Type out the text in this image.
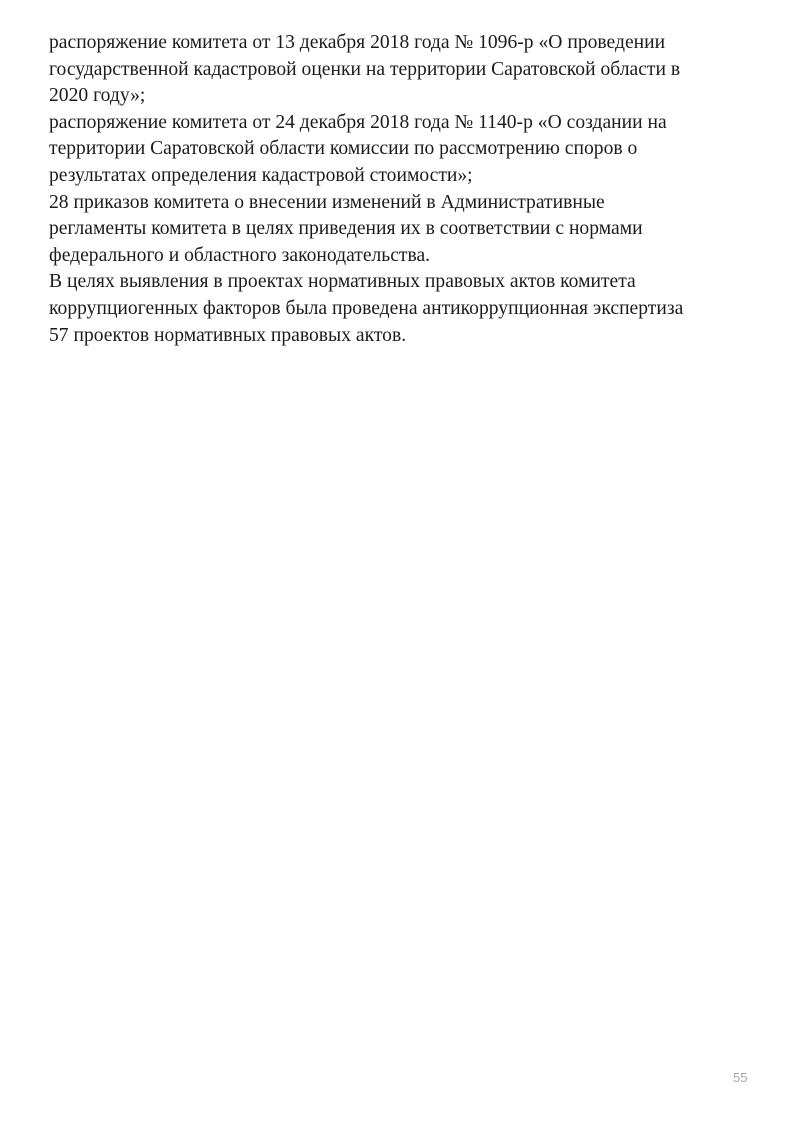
распоряжение комитета от 13 декабря 2018 года № 1096-р «О проведении

государственной кадастровой оценки на территории Саратовской области в

2020 году»;

распоряжение комитета от 24 декабря 2018 года № 1140-р «О создании на

территории Саратовской области комиссии по рассмотрению споров о

результатах определения кадастровой стоимости»;

28 приказов комитета о внесении изменений в Административные

регламенты комитета в целях приведения их в соответствии с нормами

федерального и областного законодательства.

В целях выявления в проектах нормативных правовых актов комитета

коррупциогенных факторов была проведена антикоррупционная экспертиза

57 проектов нормативных правовых актов.

55
